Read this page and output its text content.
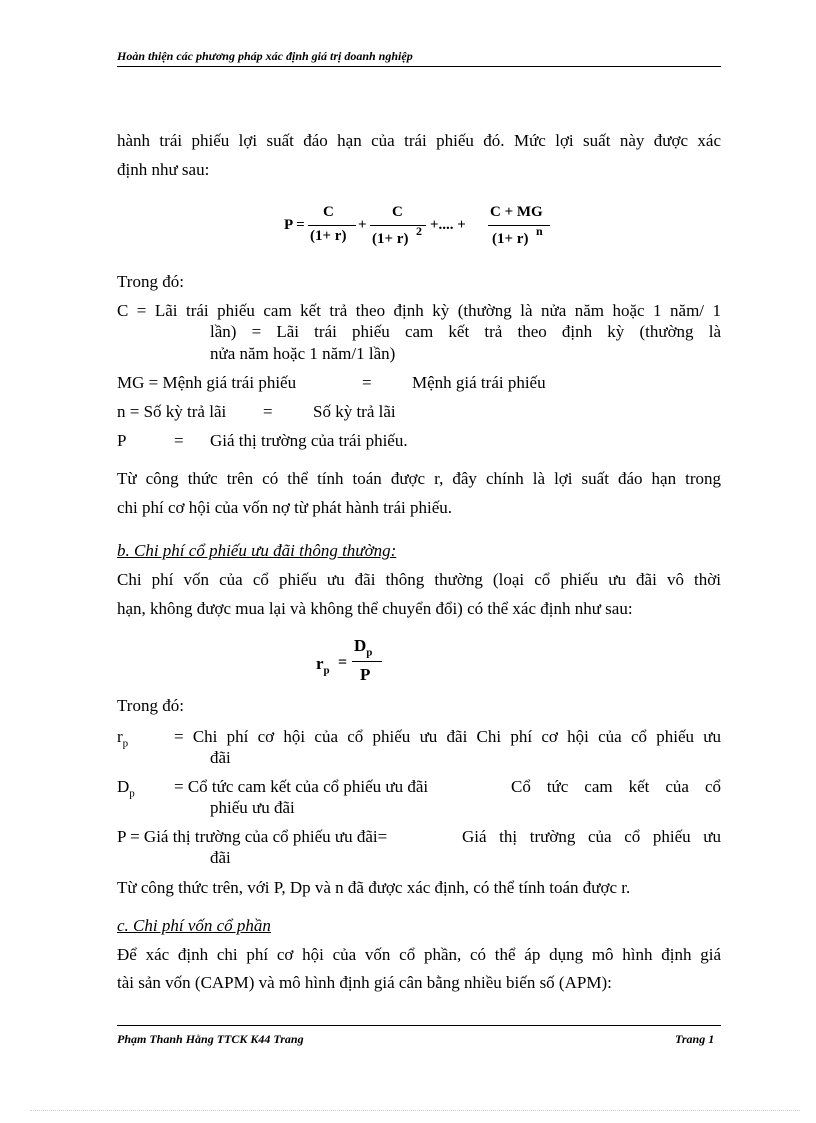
Hoàn thiện các phương pháp xác định giá trị doanh nghiệp
hành trái phiếu lợi suất đáo hạn của trái phiếu đó. Mức lợi suất này được xác
định như sau:
P =
C
(1+ r)
+
C
(1+ r) 2 +.... +
C + MG
(1+ r) n
Trong đó:
C = Lãi trái phiếu cam kết trả theo định kỳ (thường là nửa năm hoặc 1 năm/ 1
lần) = Lãi trái phiếu cam kết trả theo định kỳ (thường là
nửa năm hoặc 1 năm/1 lần)
MG = Mệnh giá trái phiếu	= Mệnh giá trái phiếu
n = Số kỳ trả lãi = Số kỳ trả lãi
P	= Giá thị trường của trái phiếu.
Từ công thức trên có thể tính toán được r, đây chính là lợi suất đáo hạn trong
chi phí cơ hội của vốn nợ từ phát hành trái phiếu.
b. Chi phí cổ phiếu ưu đãi thông thường:
Chi phí vốn của cổ phiếu ưu đãi thông thường (loại cổ phiếu ưu đãi vô thời
hạn, không được mua lại và không thể chuyển đổi) có thể xác định như sau:
$r_p$ =
$D_p$
P
Trong đó:
$r_p$	= Chi phí cơ hội của cổ phiếu ưu đãi Chi phí cơ hội của cổ phiếu ưu
đãi
$D_p$ = Cổ tức cam kết của cổ phiếu ưu đãi	Cổ tức cam kết của cổ
phiếu ưu đãi
P = Giá thị trường của cổ phiếu ưu đãi=	Giá thị trường của cổ phiếu ưu
đãi
Từ công thức trên, với P, Dp và n đã được xác định, có thể tính toán được r.
c. Chi phí vốn cổ phần
Để xác định chi phí cơ hội của vốn cổ phần, có thể áp dụng mô hình định giá
tài sản vốn (CAPM) và mô hình định giá cân bằng nhiều biến số (APM):
Phạm Thanh Hằng TTCK K44 Trang	Trang 1
